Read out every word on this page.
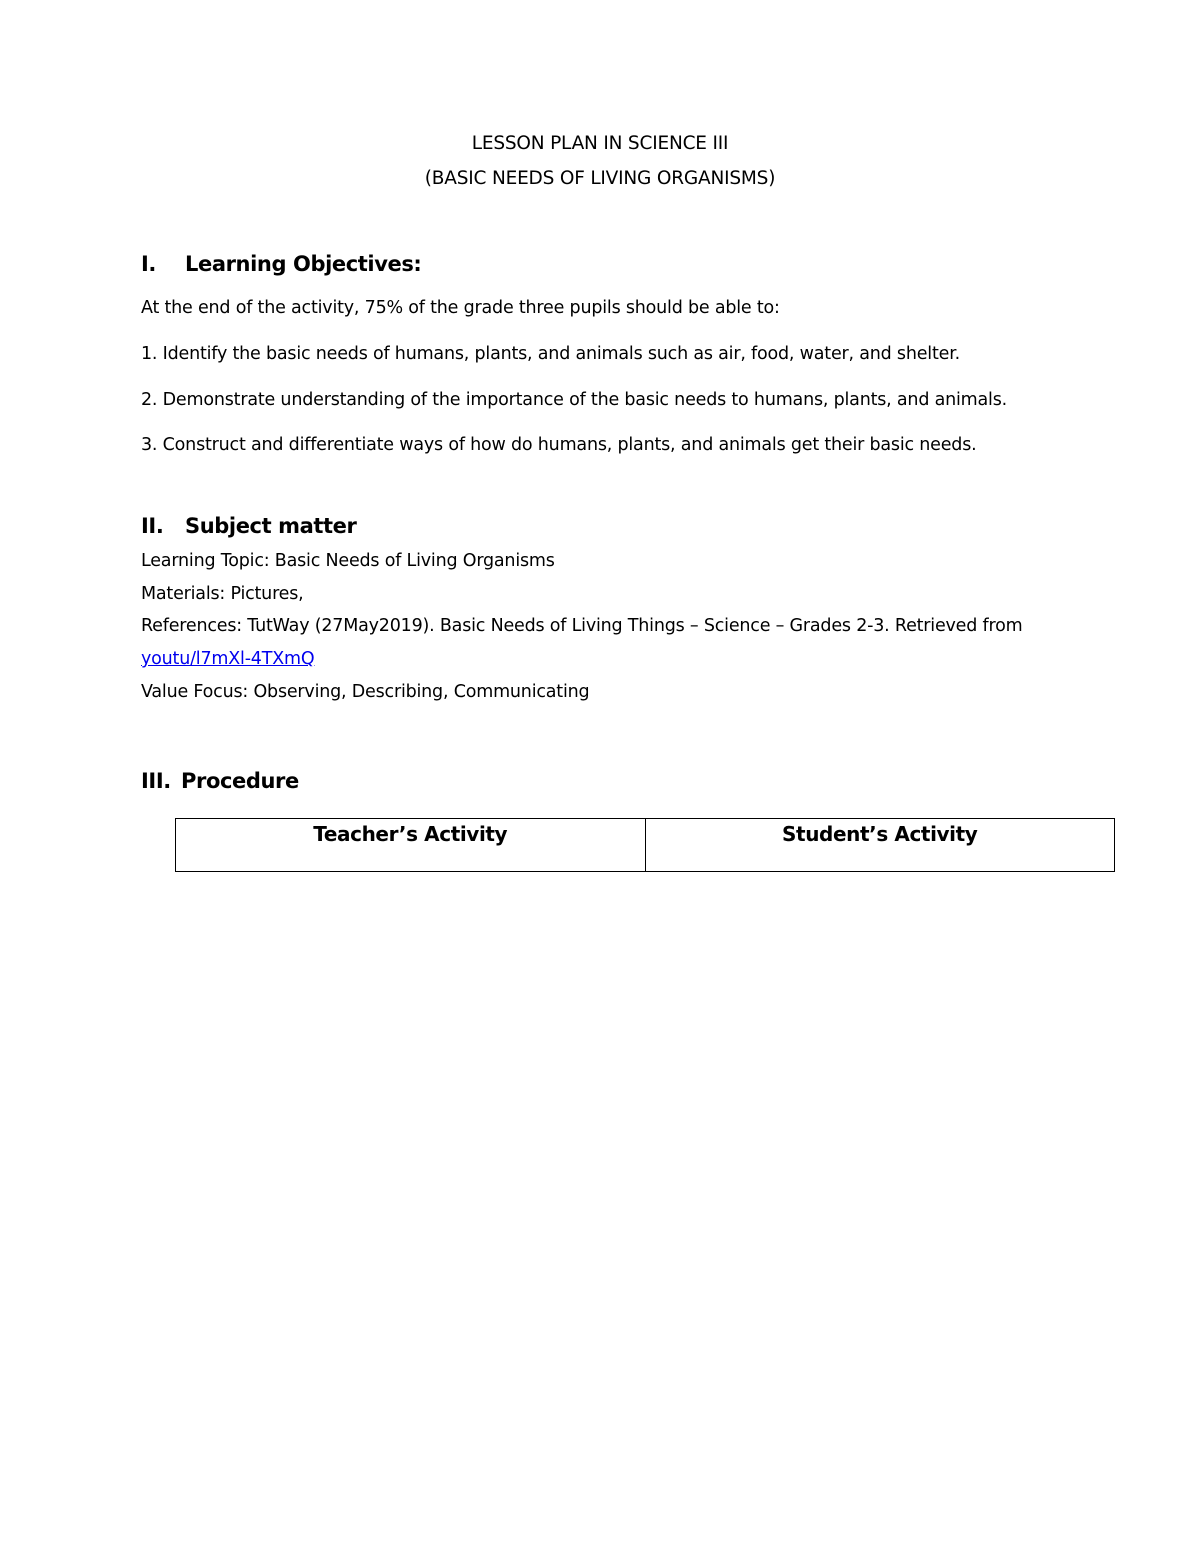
LESSON PLAN IN SCIENCE III
(BASIC NEEDS OF LIVING ORGANISMS)
I. Learning Objectives:
At the end of the activity, 75% of the grade three pupils should be able to:
1. Identify the basic needs of humans, plants, and animals such as air, food, water, and shelter.
2. Demonstrate understanding of the importance of the basic needs to humans, plants, and animals.
3. Construct and differentiate ways of how do humans, plants, and animals get their basic needs.
II. Subject matter
Learning Topic: Basic Needs of Living Organisms
Materials: Pictures,
References: TutWay (27May2019). Basic Needs of Living Things – Science – Grades 2-3. Retrieved from
youtu/l7mXl-4TXmQ
Value Focus: Observing, Describing, Communicating
III. Procedure
Teacher’s Activity	Student’s Activity
